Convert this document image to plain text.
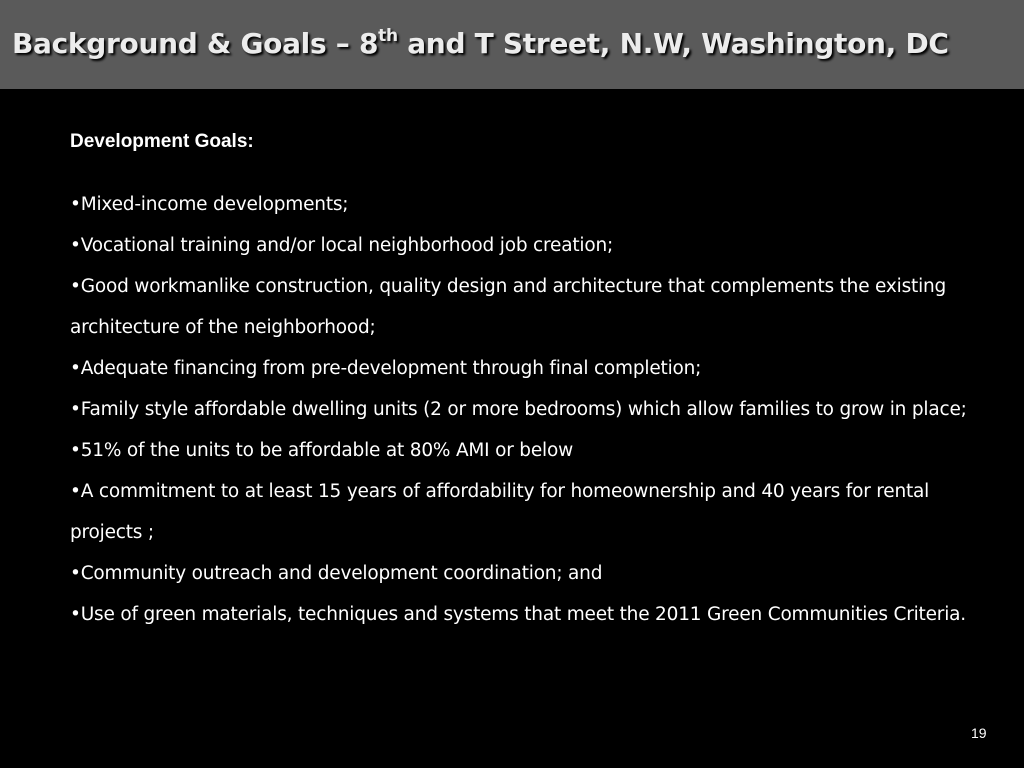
Background & Goals – 8th and T Street, N.W, Washington, DC

Development Goals:

•Mixed-income developments;
•Vocational training and/or local neighborhood job creation;
•Good workmanlike construction, quality design and architecture that complements the existing architecture of the neighborhood;
•Adequate financing from pre-development through final completion;
•Family style affordable dwelling units (2 or more bedrooms) which allow families to grow in place;
•51% of the units to be affordable at 80% AMI or below
•A commitment to at least 15 years of affordability for homeownership and 40 years for rental projects ;
•Community outreach and development coordination; and
•Use of green materials, techniques and systems that meet the 2011 Green Communities Criteria.
19
